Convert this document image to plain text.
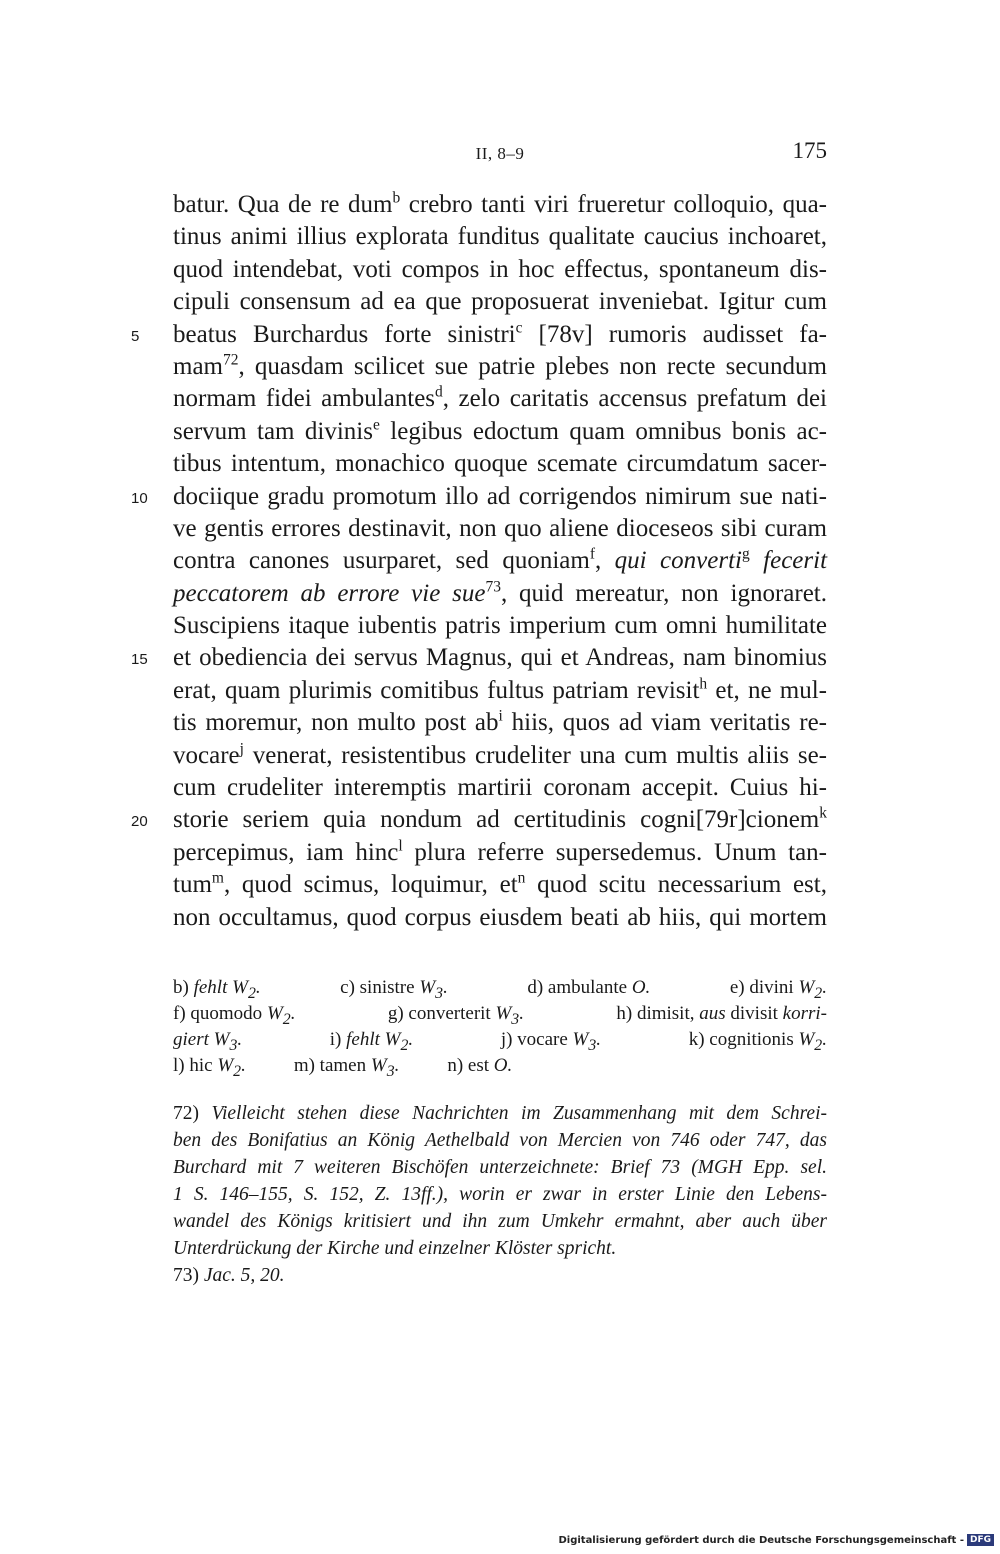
II, 8–9	175
batur. Qua de re dum$^b$ crebro tanti viri frueretur colloquio, qua-
tinus animi illius explorata funditus qualitate caucius inchoaret,
quod intendebat, voti compos in hoc effectus, spontaneum dis-
cipuli consensum ad ea que proposuerat inveniebat. Igitur cum
5 beatus Burchardus forte sinistri$^c$ [78v] rumoris audisset fa-
mam$^{72}$, quasdam scilicet sue patrie plebes non recte secundum
normam fidei ambulantes$^d$, zelo caritatis accensus prefatum dei
servum tam divinis$^e$ legibus edoctum quam omnibus bonis ac-
tibus intentum, monachico quoque scemate circumdatum sacer-
10 dociique gradu promotum illo ad corrigendos nimirum sue nati-
ve gentis errores destinavit, non quo aliene dioceseos sibi curam
contra canones usurparet, sed quoniam$^f$, qui converti$^g$ fecerit
peccatorem ab errore vie sue$^{73}$, quid mereatur, non ignoraret.
Suscipiens itaque iubentis patris imperium cum omni humilitate
15 et obediencia dei servus Magnus, qui et Andreas, nam binomius
erat, quam plurimis comitibus fultus patriam revisit$^h$ et, ne mul-
tis moremur, non multo post $ab^i$ hiis, quos ad viam veritatis re-
vocare$^j$ venerat, resistentibus crudeliter una cum multis aliis se-
cum crudeliter interemptis martirii coronam accepit. Cuius hi-
20 storie seriem quia nondum ad certitudinis cogni[79r]cionem$^k$
percepimus, iam hinc$^l$ plura referre supersedemus. Unum tan-
tum$^m$, quod scimus, loquimur, $et^n$ quod scitu necessarium est,
non occultamus, quod corpus eiusdem beati ab hiis, qui mortem
b) fehlt $W_2$.	c) sinistre $W_3$.	d) ambulante O.	e) divini $W_2$.
f) quomodo $W_2$.	g) converterit $W_3$.	h) dimisit, aus divisit korri-
giert $W_3$.	i) fehlt $W_2$.	j) vocare $W_3$.	k) cognitionis $W_2$.
l) hic $W_2$.	m) tamen $W_3$.	n) est O.
72) Vielleicht stehen diese Nachrichten im Zusammenhang mit dem Schrei-
ben des Bonifatius an König Aethelbald von Mercien von 746 oder 747, das
Burchard mit 7 weiteren Bischöfen unterzeichnete: Brief 73 (MGH Epp. sel.
1 S. 146–155, S. 152, Z. 13ff.), worin er zwar in erster Linie den Lebens-
wandel des Königs kritisiert und ihn zum Umkehr ermahnt, aber auch über
Unterdrückung der Kirche und einzelner Klöster spricht.
73) Jac. 5, 20.
Digitalisierung gefördert durch die Deutsche Forschungsgemeinschaft - DFG
